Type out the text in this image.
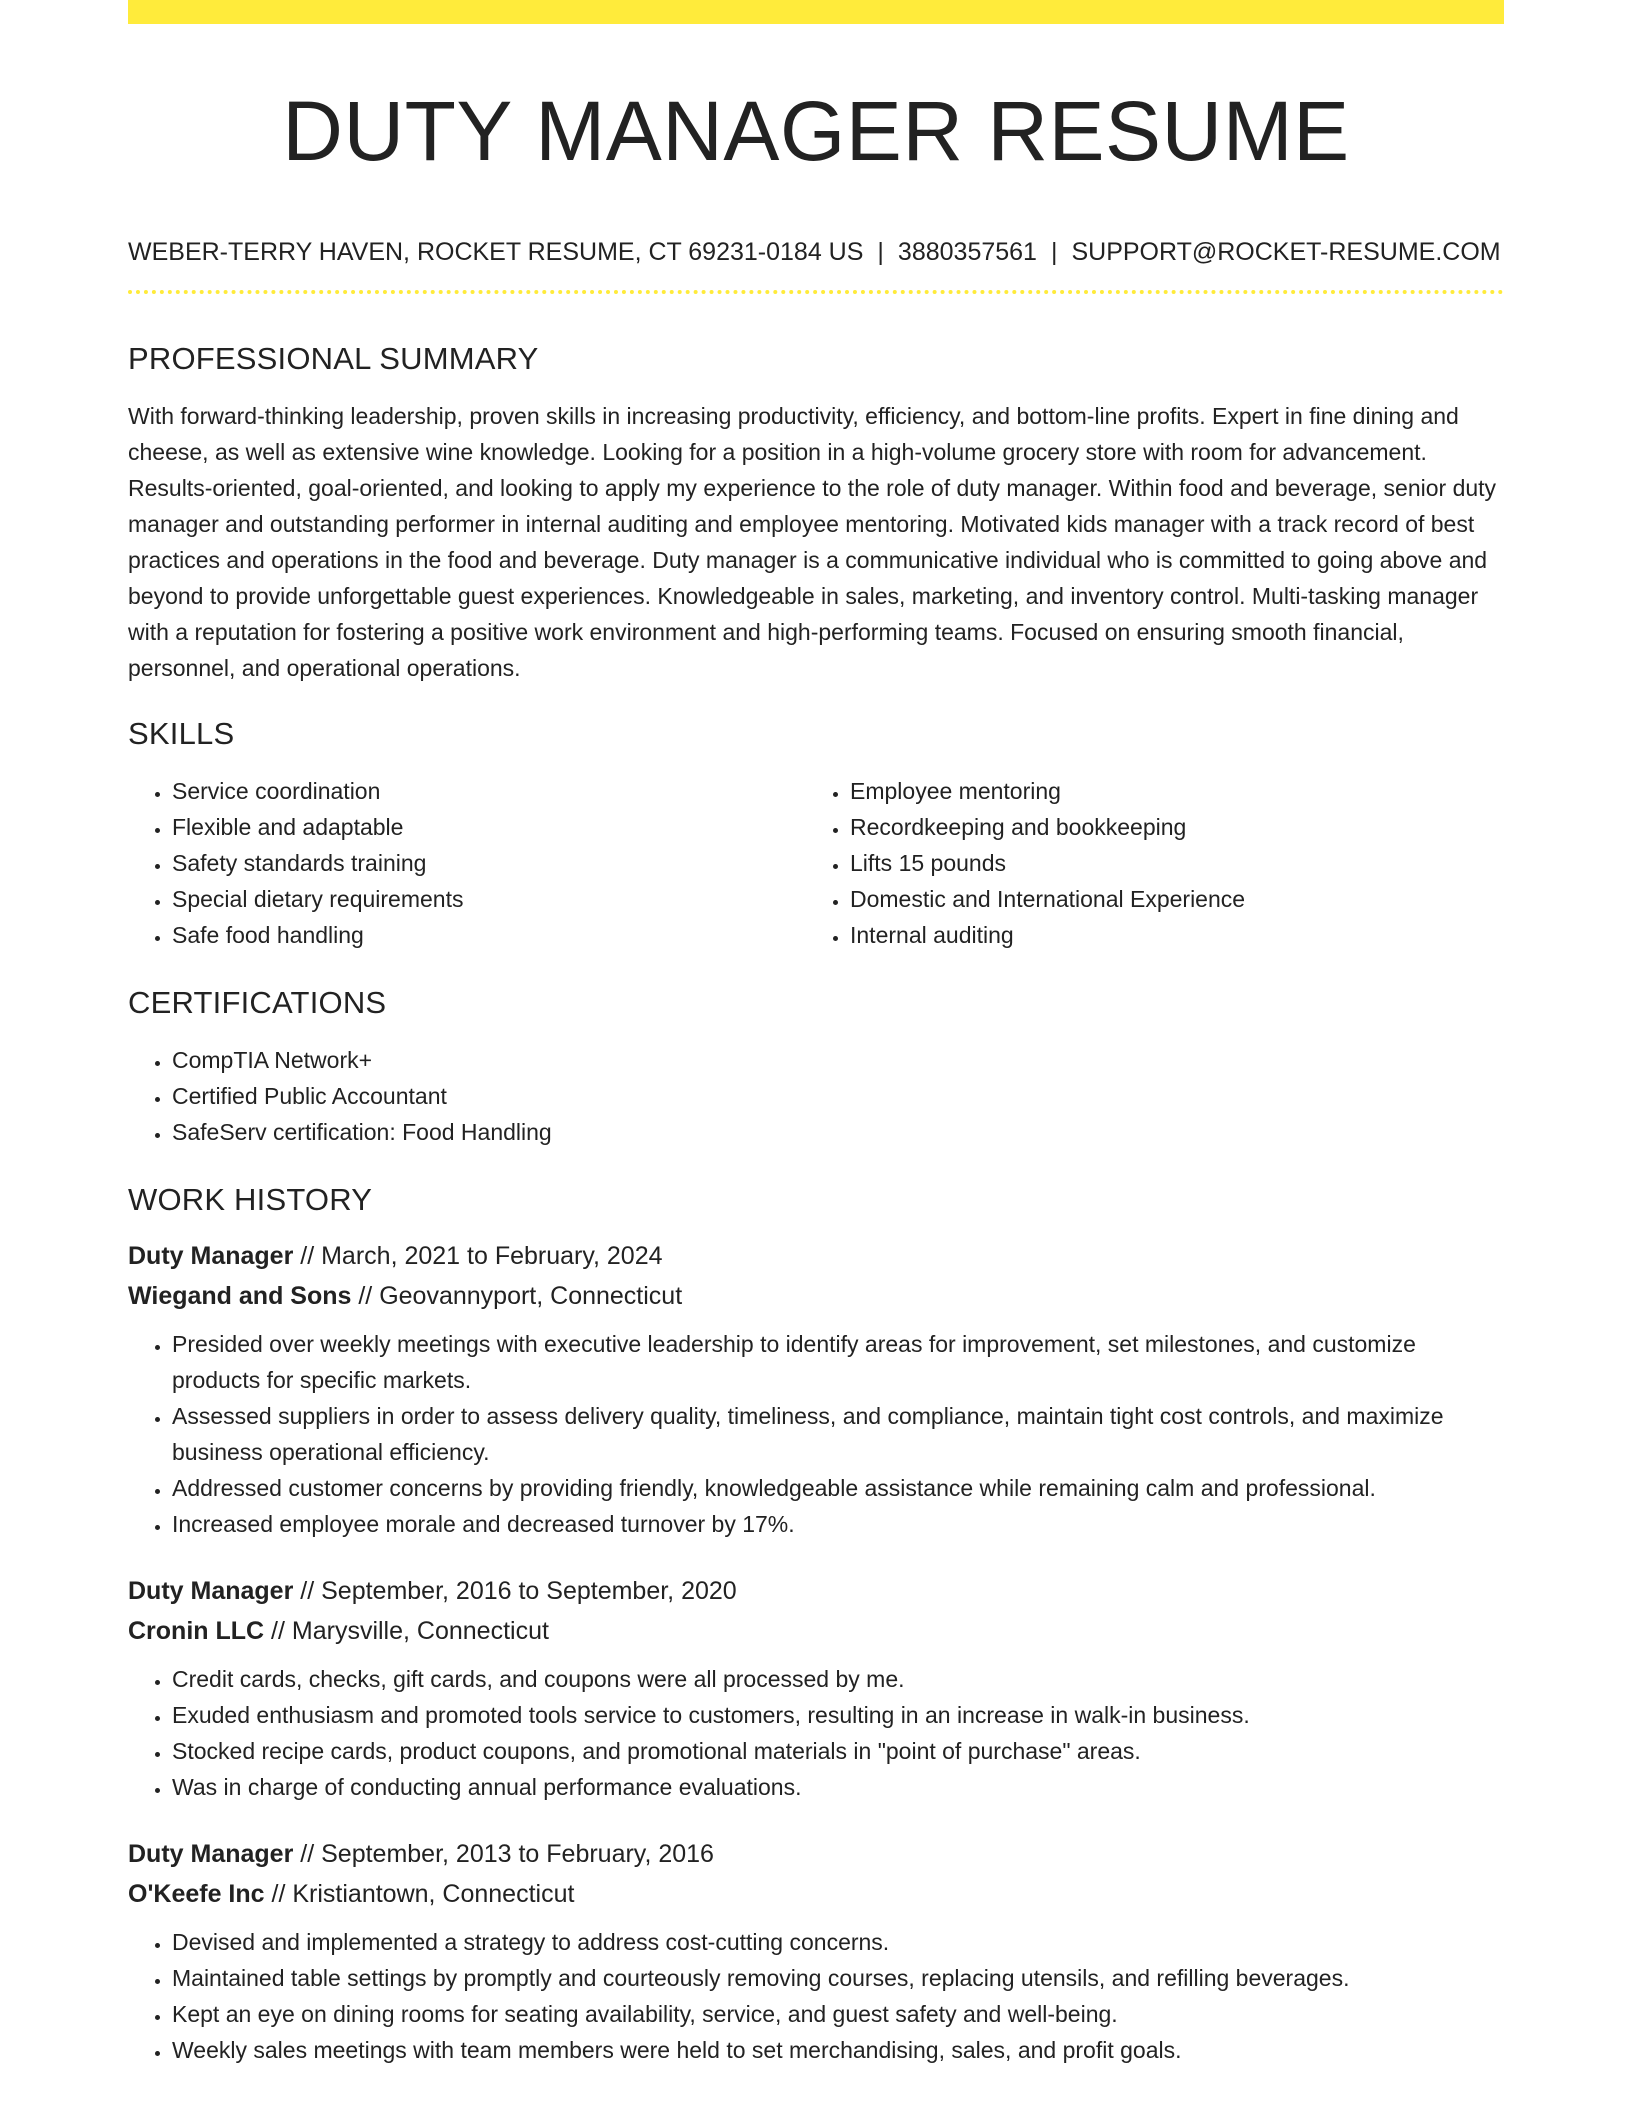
DUTY MANAGER RESUME
WEBER-TERRY HAVEN, ROCKET RESUME, CT 69231-0184 US | 3880357561 | SUPPORT@ROCKET-RESUME.COM
PROFESSIONAL SUMMARY

With forward-thinking leadership, proven skills in increasing productivity, efficiency, and bottom-line profits. Expert in fine dining and cheese, as well as extensive wine knowledge. Looking for a position in a high-volume grocery store with room for advancement. Results-oriented, goal-oriented, and looking to apply my experience to the role of duty manager. Within food and beverage, senior duty manager and outstanding performer in internal auditing and employee mentoring. Motivated kids manager with a track record of best practices and operations in the food and beverage. Duty manager is a communicative individual who is committed to going above and beyond to provide unforgettable guest experiences. Knowledgeable in sales, marketing, and inventory control. Multi-tasking manager with a reputation for fostering a positive work environment and high-performing teams. Focused on ensuring smooth financial, personnel, and operational operations.

SKILLS
• Service coordination
• Flexible and adaptable
• Safety standards training
• Special dietary requirements
• Safe food handling
• Employee mentoring
• Recordkeeping and bookkeeping
• Lifts 15 pounds
• Domestic and International Experience
• Internal auditing
CERTIFICATIONS
• CompTIA Network+
• Certified Public Accountant
• SafeServ certification: Food Handling
WORK HISTORY
Duty Manager // March, 2021 to February, 2024
Wiegand and Sons // Geovannyport, Connecticut
• Presided over weekly meetings with executive leadership to identify areas for improvement, set milestones, and customize products for specific markets.
• Assessed suppliers in order to assess delivery quality, timeliness, and compliance, maintain tight cost controls, and maximize business operational efficiency.
• Addressed customer concerns by providing friendly, knowledgeable assistance while remaining calm and professional.
• Increased employee morale and decreased turnover by 17%.
Duty Manager // September, 2016 to September, 2020
Cronin LLC // Marysville, Connecticut
• Credit cards, checks, gift cards, and coupons were all processed by me.
• Exuded enthusiasm and promoted tools service to customers, resulting in an increase in walk-in business.
• Stocked recipe cards, product coupons, and promotional materials in "point of purchase" areas.
• Was in charge of conducting annual performance evaluations.
Duty Manager // September, 2013 to February, 2016
O'Keefe Inc // Kristiantown, Connecticut
• Devised and implemented a strategy to address cost-cutting concerns.
• Maintained table settings by promptly and courteously removing courses, replacing utensils, and refilling beverages.
• Kept an eye on dining rooms for seating availability, service, and guest safety and well-being.
• Weekly sales meetings with team members were held to set merchandising, sales, and profit goals.
